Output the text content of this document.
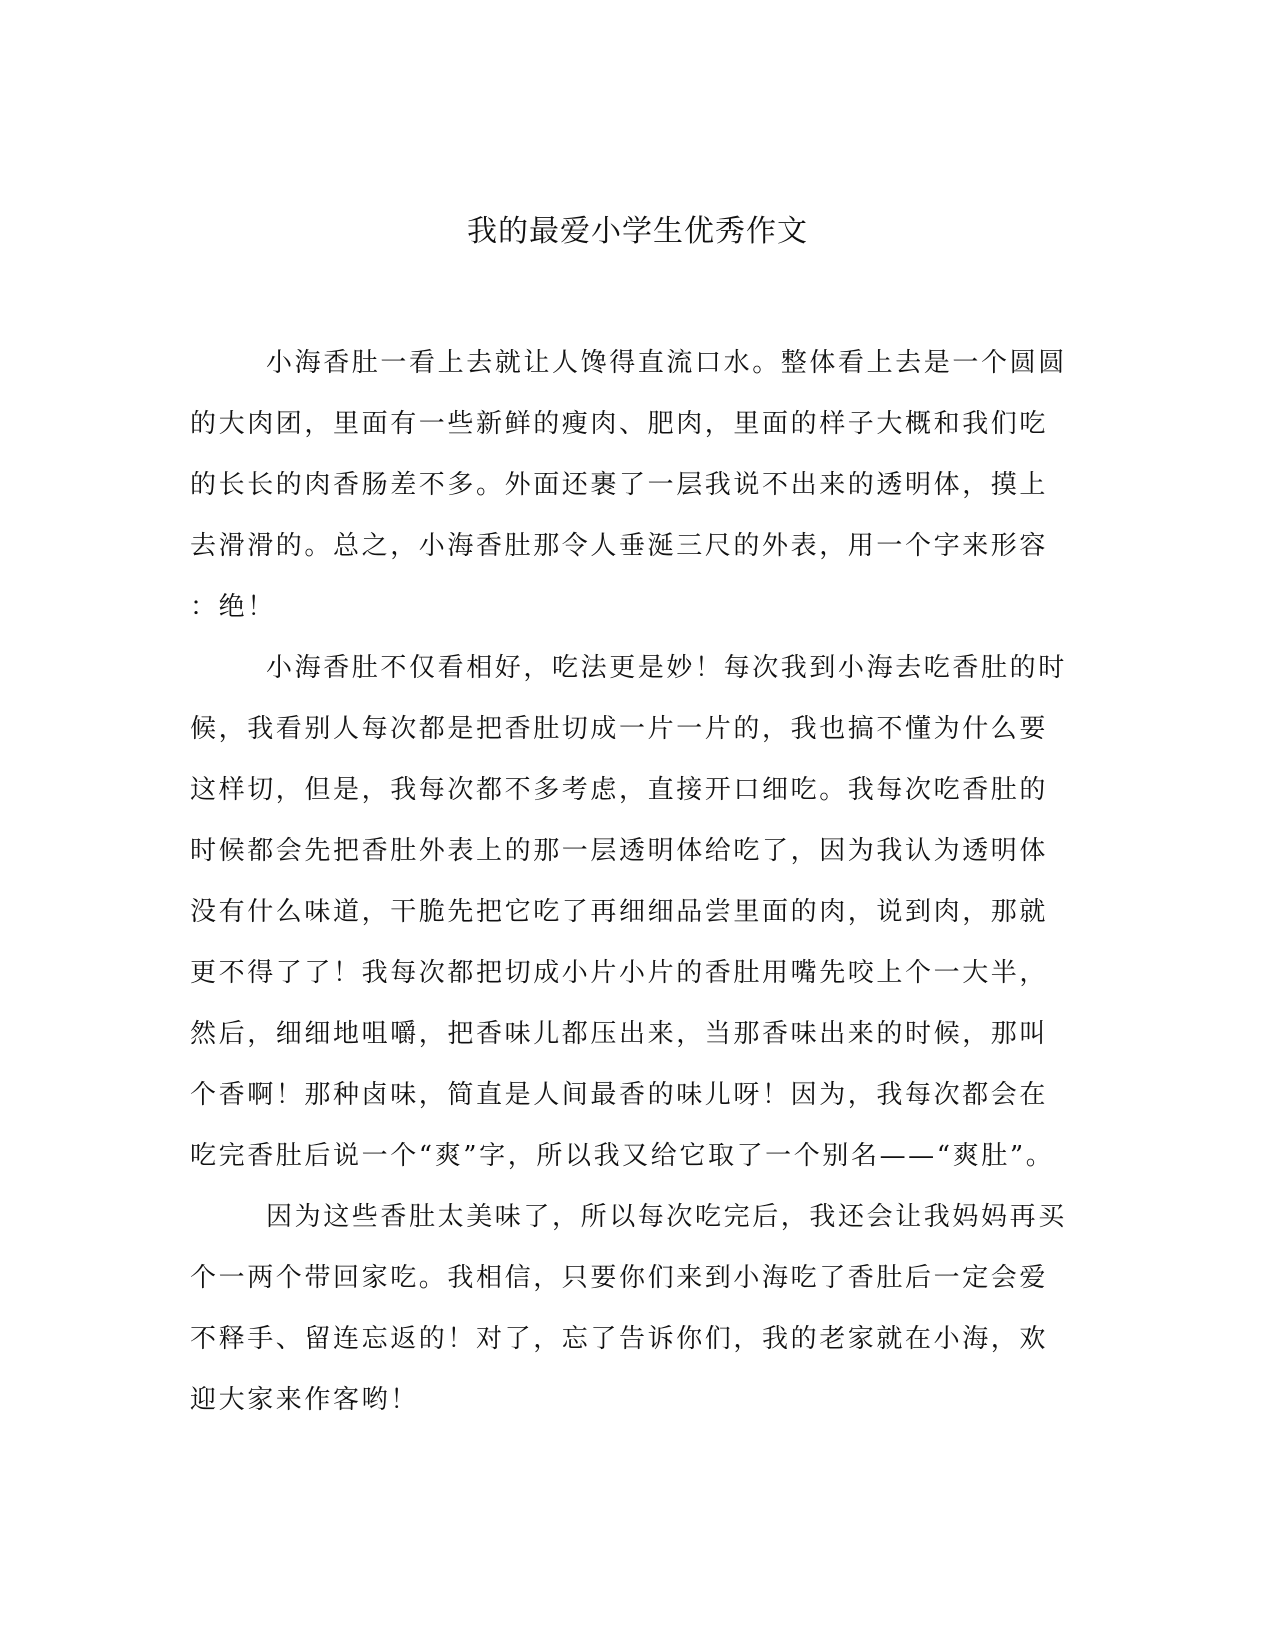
我的最爱小学生优秀作文
小海香肚一看上去就让人馋得直流口水。整体看上去是一个圆圆
的大肉团，里面有一些新鲜的瘦肉、肥肉，里面的样子大概和我们吃
的长长的肉香肠差不多。外面还裹了一层我说不出来的透明体，摸上
去滑滑的。总之，小海香肚那令人垂涎三尺的外表，用一个字来形容
：绝！
小海香肚不仅看相好，吃法更是妙！每次我到小海去吃香肚的时
候，我看别人每次都是把香肚切成一片一片的，我也搞不懂为什么要
这样切，但是，我每次都不多考虑，直接开口细吃。我每次吃香肚的
时候都会先把香肚外表上的那一层透明体给吃了，因为我认为透明体
没有什么味道，干脆先把它吃了再细细品尝里面的肉，说到肉，那就
更不得了了！我每次都把切成小片小片的香肚用嘴先咬上个一大半，
然后，细细地咀嚼，把香味儿都压出来，当那香味出来的时候，那叫
个香啊！那种卤味，简直是人间最香的味儿呀！因为，我每次都会在
吃完香肚后说一个“爽”字，所以我又给它取了一个别名——“爽肚”。
因为这些香肚太美味了，所以每次吃完后，我还会让我妈妈再买
个一两个带回家吃。我相信，只要你们来到小海吃了香肚后一定会爱
不释手、留连忘返的！对了，忘了告诉你们，我的老家就在小海，欢
迎大家来作客哟！
